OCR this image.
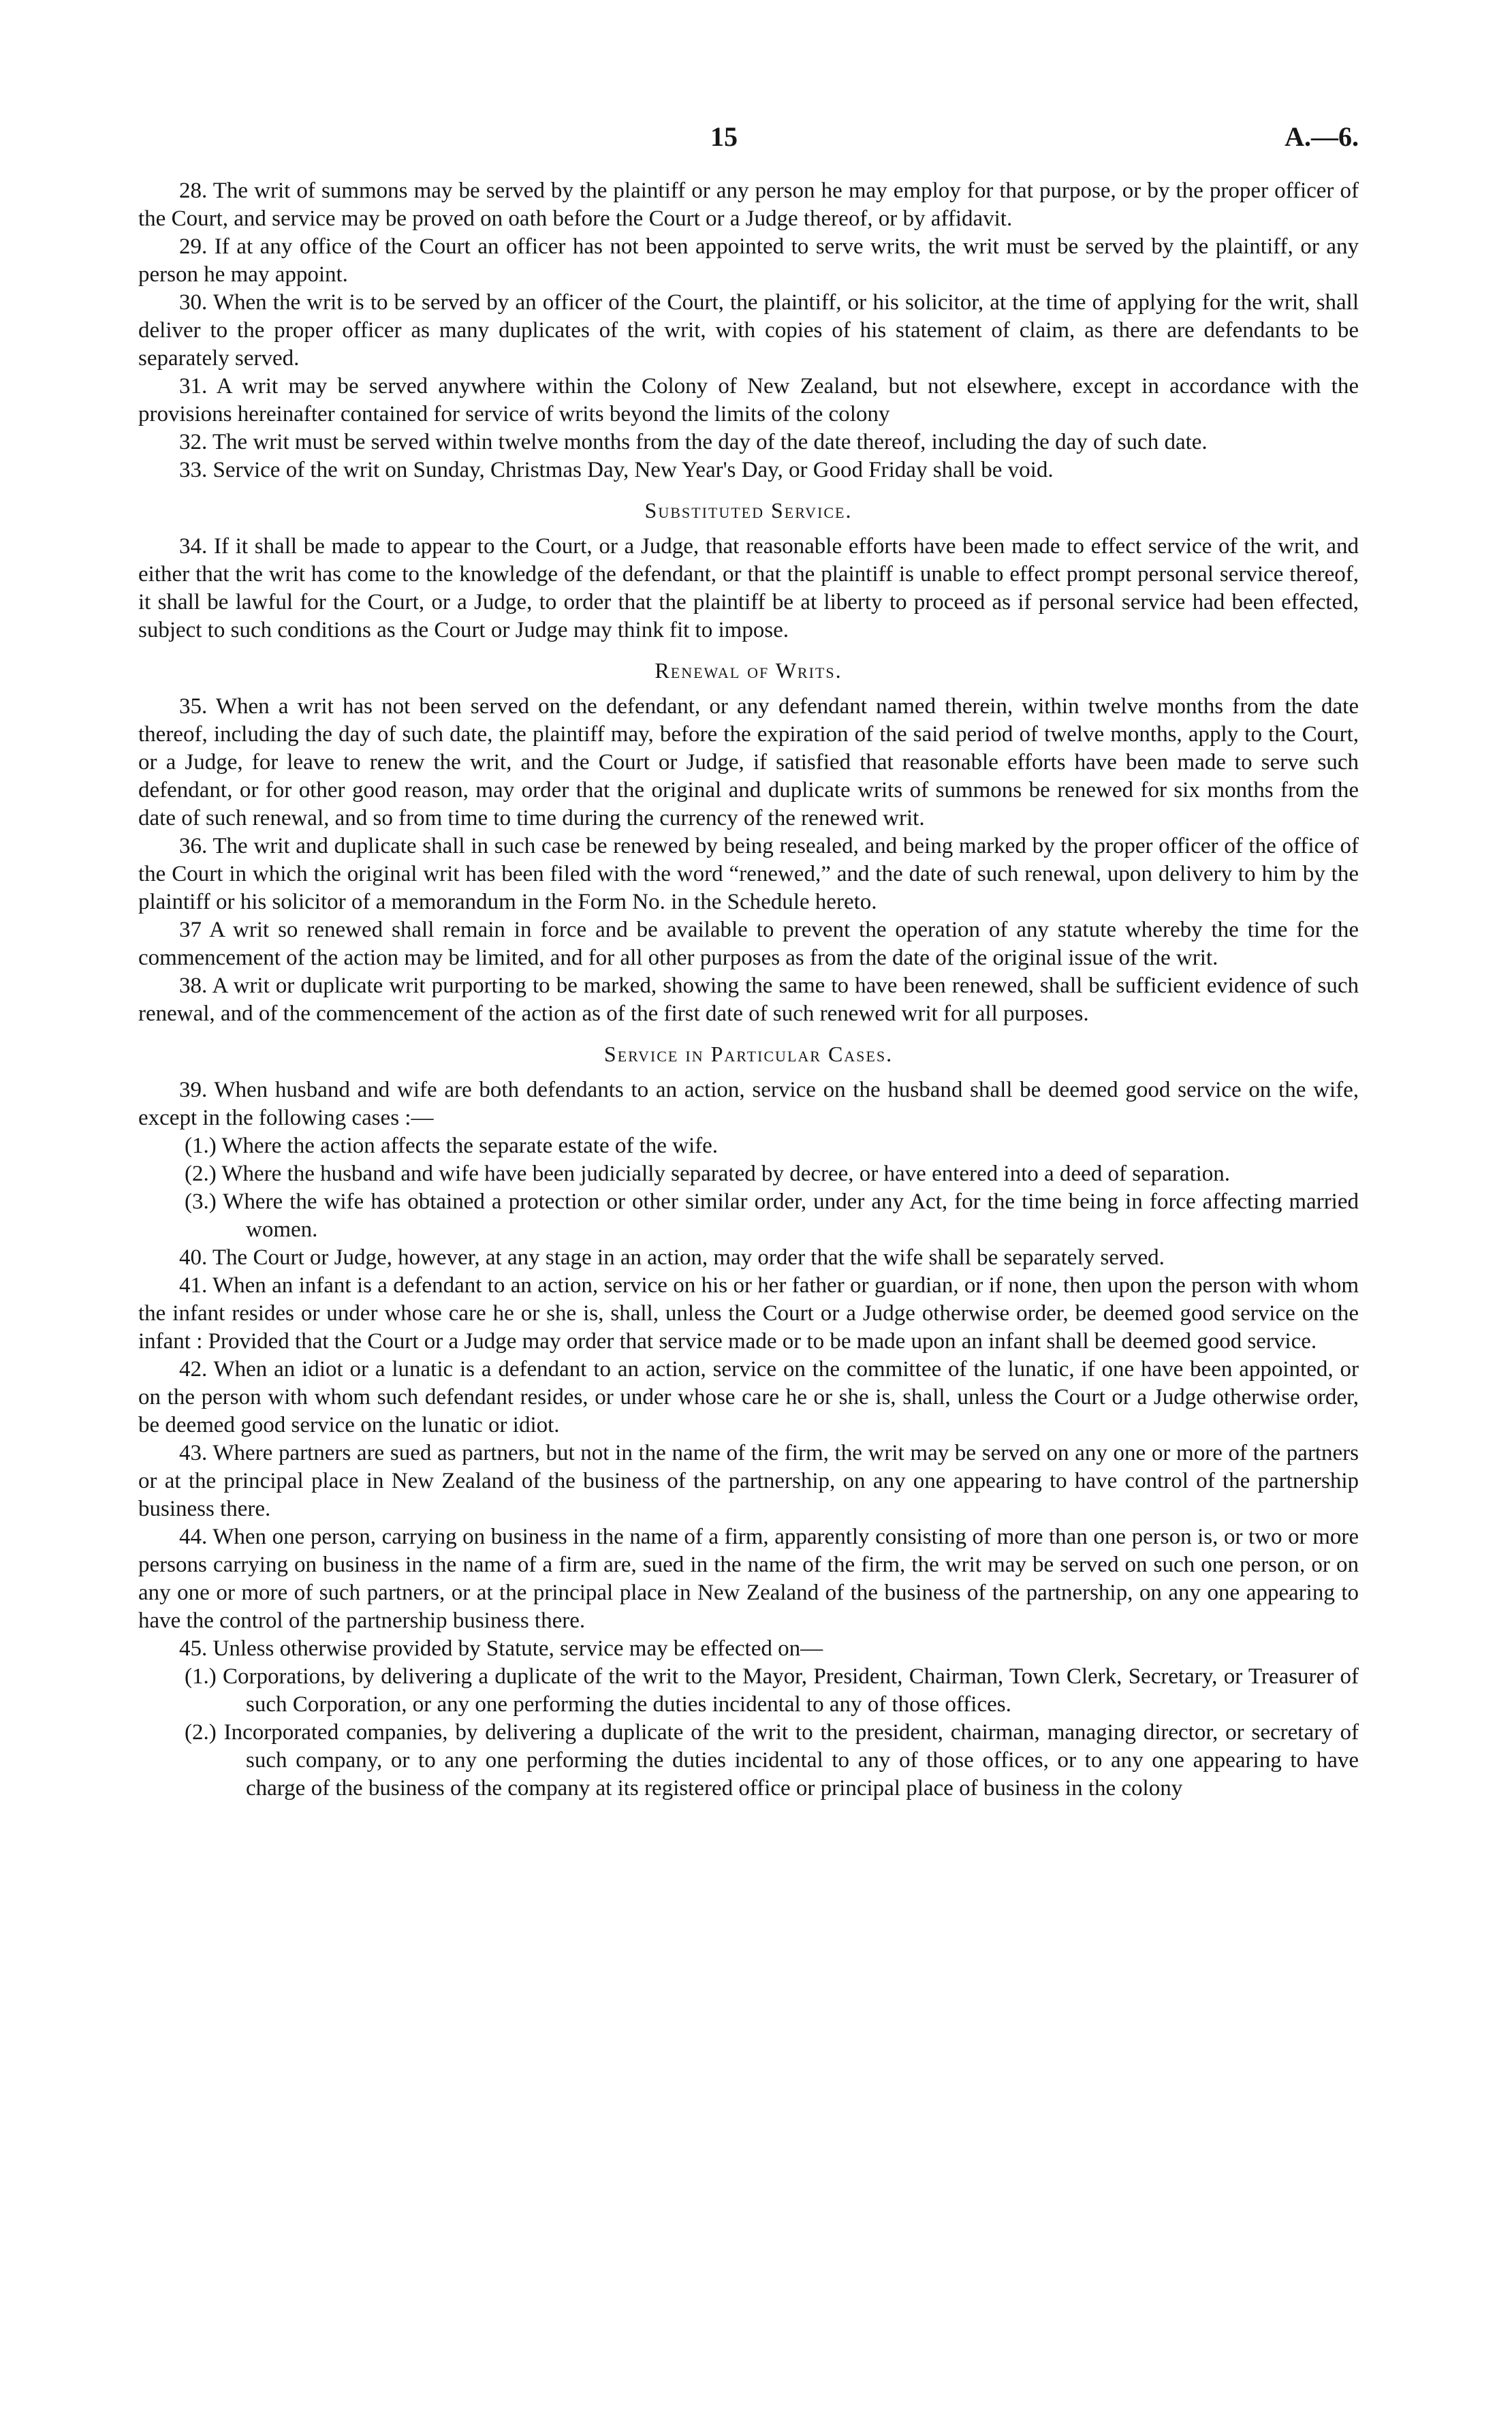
15	A.—6.

28. The writ of summons may be served by the plaintiff or any person he may employ for that purpose, or by the proper officer of the Court, and service may be proved on oath before the Court or a Judge thereof, or by affidavit.

29. If at any office of the Court an officer has not been appointed to serve writs, the writ must be served by the plaintiff, or any person he may appoint.

30. When the writ is to be served by an officer of the Court, the plaintiff, or his solicitor, at the time of applying for the writ, shall deliver to the proper officer as many duplicates of the writ, with copies of his statement of claim, as there are defendants to be separately served.

31. A writ may be served anywhere within the Colony of New Zealand, but not elsewhere, except in accordance with the provisions hereinafter contained for service of writs beyond the limits of the colony

32. The writ must be served within twelve months from the day of the date thereof, including the day of such date.

33. Service of the writ on Sunday, Christmas Day, New Year's Day, or Good Friday shall be void.

Substituted Service.

34. If it shall be made to appear to the Court, or a Judge, that reasonable efforts have been made to effect service of the writ, and either that the writ has come to the knowledge of the defendant, or that the plaintiff is unable to effect prompt personal service thereof, it shall be lawful for the Court, or a Judge, to order that the plaintiff be at liberty to proceed as if personal service had been effected, subject to such conditions as the Court or Judge may think fit to impose.

Renewal of Writs.

35. When a writ has not been served on the defendant, or any defendant named therein, within twelve months from the date thereof, including the day of such date, the plaintiff may, before the expiration of the said period of twelve months, apply to the Court, or a Judge, for leave to renew the writ, and the Court or Judge, if satisfied that reasonable efforts have been made to serve such defendant, or for other good reason, may order that the original and duplicate writs of summons be renewed for six months from the date of such renewal, and so from time to time during the currency of the renewed writ.

36. The writ and duplicate shall in such case be renewed by being resealed, and being marked by the proper officer of the office of the Court in which the original writ has been filed with the word “renewed,” and the date of such renewal, upon delivery to him by the plaintiff or his solicitor of a memorandum in the Form No. in the Schedule hereto.

37 A writ so renewed shall remain in force and be available to prevent the operation of any statute whereby the time for the commencement of the action may be limited, and for all other purposes as from the date of the original issue of the writ.

38. A writ or duplicate writ purporting to be marked, showing the same to have been renewed, shall be sufficient evidence of such renewal, and of the commencement of the action as of the first date of such renewed writ for all purposes.

Service in Particular Cases.

39. When husband and wife are both defendants to an action, service on the husband shall be deemed good service on the wife, except in the following cases :—

(1.) Where the action affects the separate estate of the wife.

(2.) Where the husband and wife have been judicially separated by decree, or have entered into a deed of separation.

(3.) Where the wife has obtained a protection or other similar order, under any Act, for the time being in force affecting married women.

40. The Court or Judge, however, at any stage in an action, may order that the wife shall be separately served.

41. When an infant is a defendant to an action, service on his or her father or guardian, or if none, then upon the person with whom the infant resides or under whose care he or she is, shall, unless the Court or a Judge otherwise order, be deemed good service on the infant : Provided that the Court or a Judge may order that service made or to be made upon an infant shall be deemed good service.

42. When an idiot or a lunatic is a defendant to an action, service on the committee of the lunatic, if one have been appointed, or on the person with whom such defendant resides, or under whose care he or she is, shall, unless the Court or a Judge otherwise order, be deemed good service on the lunatic or idiot.

43. Where partners are sued as partners, but not in the name of the firm, the writ may be served on any one or more of the partners or at the principal place in New Zealand of the business of the partnership, on any one appearing to have control of the partnership business there.

44. When one person, carrying on business in the name of a firm, apparently consisting of more than one person is, or two or more persons carrying on business in the name of a firm are, sued in the name of the firm, the writ may be served on such one person, or on any one or more of such partners, or at the principal place in New Zealand of the business of the partnership, on any one appearing to have the control of the partnership business there.

45. Unless otherwise provided by Statute, service may be effected on—

(1.) Corporations, by delivering a duplicate of the writ to the Mayor, President, Chairman, Town Clerk, Secretary, or Treasurer of such Corporation, or any one performing the duties incidental to any of those offices.

(2.) Incorporated companies, by delivering a duplicate of the writ to the president, chairman, managing director, or secretary of such company, or to any one performing the duties incidental to any of those offices, or to any one appearing to have charge of the business of the company at its registered office or principal place of business in the colony
